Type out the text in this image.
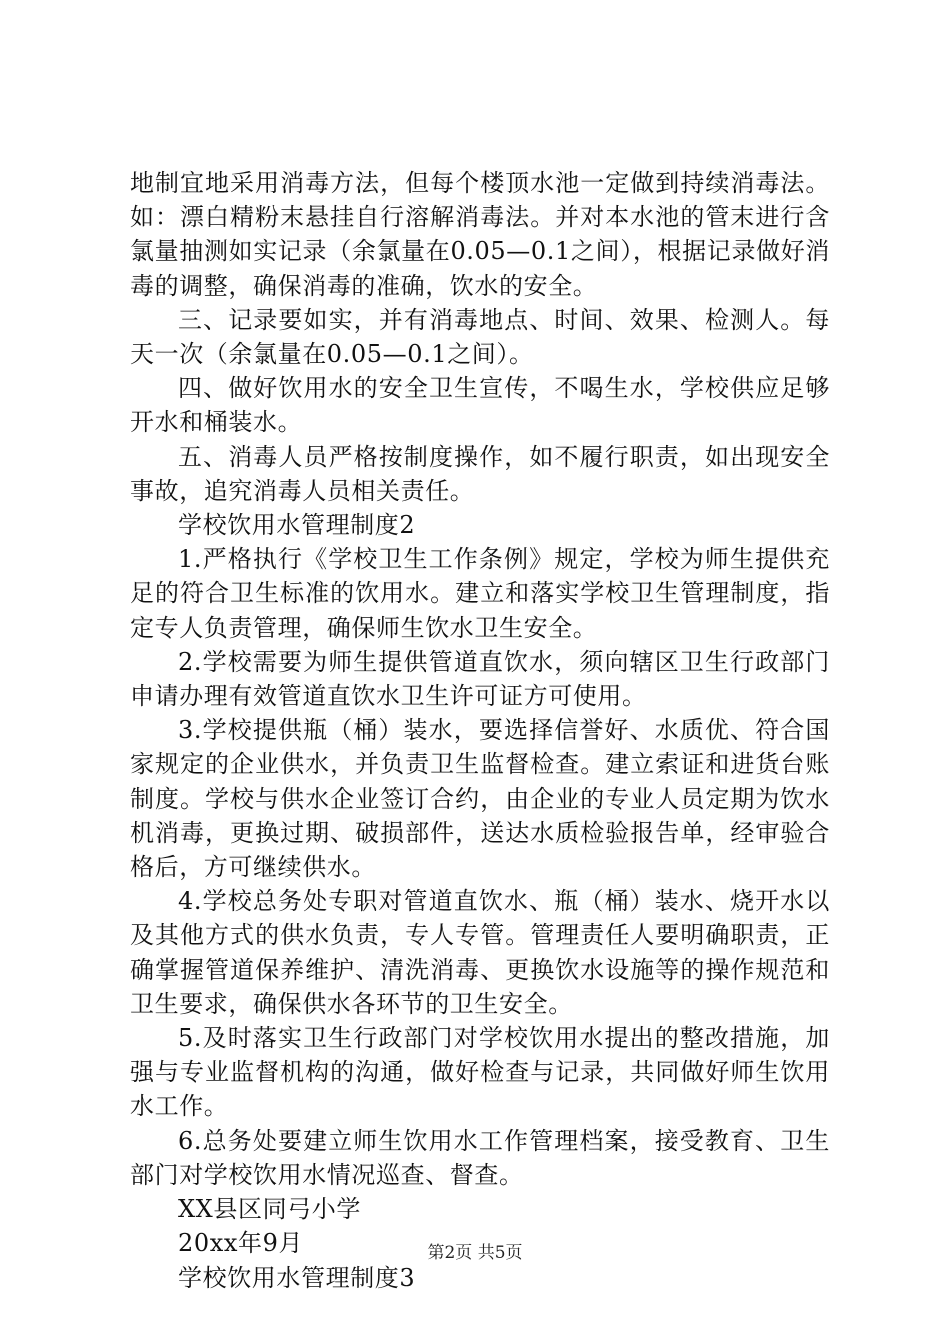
地制宜地采用消毒方法，但每个楼顶水池一定做到持续消毒法。如：漂白精粉末悬挂自行溶解消毒法。并对本水池的管末进行含氯量抽测如实记录（余氯量在0.05—0.1之间），根据记录做好消毒的调整，确保消毒的准确，饮水的安全。

三、记录要如实，并有消毒地点、时间、效果、检测人。每天一次（余氯量在0.05—0.1之间）。

四、做好饮用水的安全卫生宣传，不喝生水，学校供应足够开水和桶装水。

五、消毒人员严格按制度操作，如不履行职责，如出现安全事故，追究消毒人员相关责任。

学校饮用水管理制度2

1.严格执行《学校卫生工作条例》规定，学校为师生提供充足的符合卫生标准的饮用水。建立和落实学校卫生管理制度，指定专人负责管理，确保师生饮水卫生安全。

2.学校需要为师生提供管道直饮水，须向辖区卫生行政部门申请办理有效管道直饮水卫生许可证方可使用。

3.学校提供瓶（桶）装水，要选择信誉好、水质优、符合国家规定的企业供水，并负责卫生监督检查。建立索证和进货台账制度。学校与供水企业签订合约，由企业的专业人员定期为饮水机消毒，更换过期、破损部件，送达水质检验报告单，经审验合格后，方可继续供水。

4.学校总务处专职对管道直饮水、瓶（桶）装水、烧开水以及其他方式的供水负责，专人专管。管理责任人要明确职责，正确掌握管道保养维护、清洗消毒、更换饮水设施等的操作规范和卫生要求，确保供水各环节的卫生安全。

5.及时落实卫生行政部门对学校饮用水提出的整改措施，加强与专业监督机构的沟通，做好检查与记录，共同做好师生饮用水工作。

6.总务处要建立师生饮用水工作管理档案，接受教育、卫生部门对学校饮用水情况巡查、督查。

XX县区同弓小学

20xx年9月

学校饮用水管理制度3

第2页 共5页
